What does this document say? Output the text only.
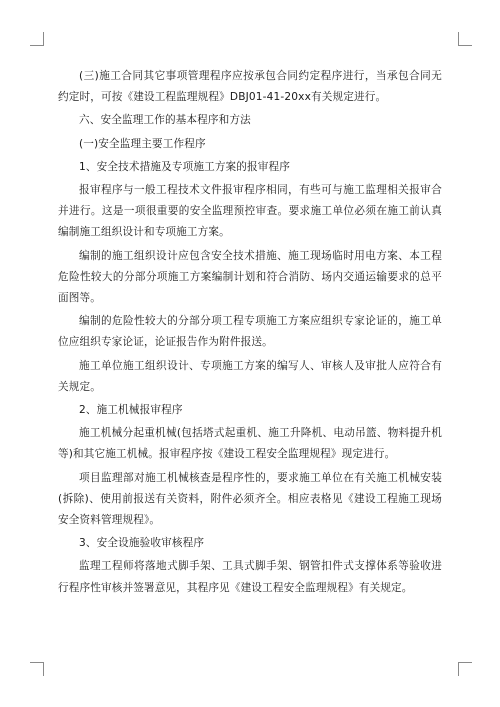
(三)施工合同其它事项管理程序应按承包合同约定程序进行，当承包合同无约定时，可按《建设工程监理规程》DBJ01-41-20xx有关规定进行。

六、安全监理工作的基本程序和方法

(一)安全监理主要工作程序

1、安全技术措施及专项施工方案的报审程序

报审程序与一般工程技术文件报审程序相同，有些可与施工监理相关报审合并进行。这是一项很重要的安全监理预控审查。要求施工单位必须在施工前认真编制施工组织设计和专项施工方案。

编制的施工组织设计应包含安全技术措施、施工现场临时用电方案、本工程危险性较大的分部分项施工方案编制计划和符合消防、场内交通运输要求的总平面图等。

编制的危险性较大的分部分项工程专项施工方案应组织专家论证的，施工单位应组织专家论证，论证报告作为附件报送。

施工单位施工组织设计、专项施工方案的编写人、审核人及审批人应符合有关规定。

2、施工机械报审程序

施工机械分起重机械(包括塔式起重机、施工升降机、电动吊篮、物料提升机等)和其它施工机械。报审程序按《建设工程安全监理规程》现定进行。

项目监理部对施工机械核查是程序性的，要求施工单位在有关施工机械安装(拆除)、使用前报送有关资料，附件必须齐全。相应表格见《建设工程施工现场安全资料管理规程》。

3、安全设施验收审核程序

监理工程师将落地式脚手架、工具式脚手架、钢管扣件式支撑体系等验收进行程序性审核并签署意见，其程序见《建设工程安全监理规程》有关规定。
